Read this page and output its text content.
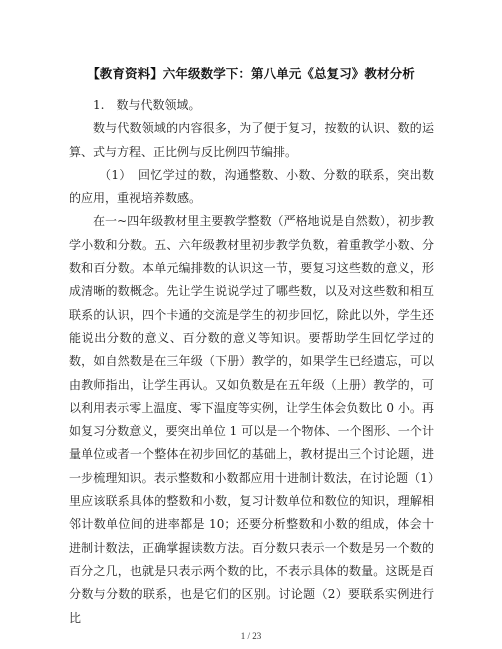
【教育资料】六年级数学下：第八单元《总复习》教材分析

1.　数与代数领域。

数与代数领域的内容很多，为了便于复习，按数的认识、数的运算、式与方程、正比例与反比例四节编排。

（1）　回忆学过的数，沟通整数、小数、分数的联系，突出数的应用，重视培养数感。

在一~四年级教材里主要教学整数（严格地说是自然数），初步教学小数和分数。五、六年级教材里初步教学负数，着重教学小数、分数和百分数。本单元编排数的认识这一节，要复习这些数的意义，形成清晰的数概念。先让学生说说学过了哪些数，以及对这些数和相互联系的认识，四个卡通的交流是学生的初步回忆，除此以外，学生还能说出分数的意义、百分数的意义等知识。要帮助学生回忆学过的数，如自然数是在三年级（下册）教学的，如果学生已经遗忘，可以由教师指出，让学生再认。又如负数是在五年级（上册）教学的，可以利用表示零上温度、零下温度等实例，让学生体会负数比 0 小。再如复习分数意义，要突出单位 1 可以是一个物体、一个图形、一个计量单位或者一个整体在初步回忆的基础上，教材提出三个讨论题，进一步梳理知识。表示整数和小数都应用十进制计数法，在讨论题（1）里应该联系具体的整数和小数，复习计数单位和数位的知识，理解相邻计数单位间的进率都是 10；还要分析整数和小数的组成，体会十进制计数法，正确掌握读数方法。百分数只表示一个数是另一个数的百分之几，也就是只表示两个数的比，不表示具体的数量。这既是百分数与分数的联系，也是它们的区别。讨论题（2）要联系实例进行比

1 / 23
